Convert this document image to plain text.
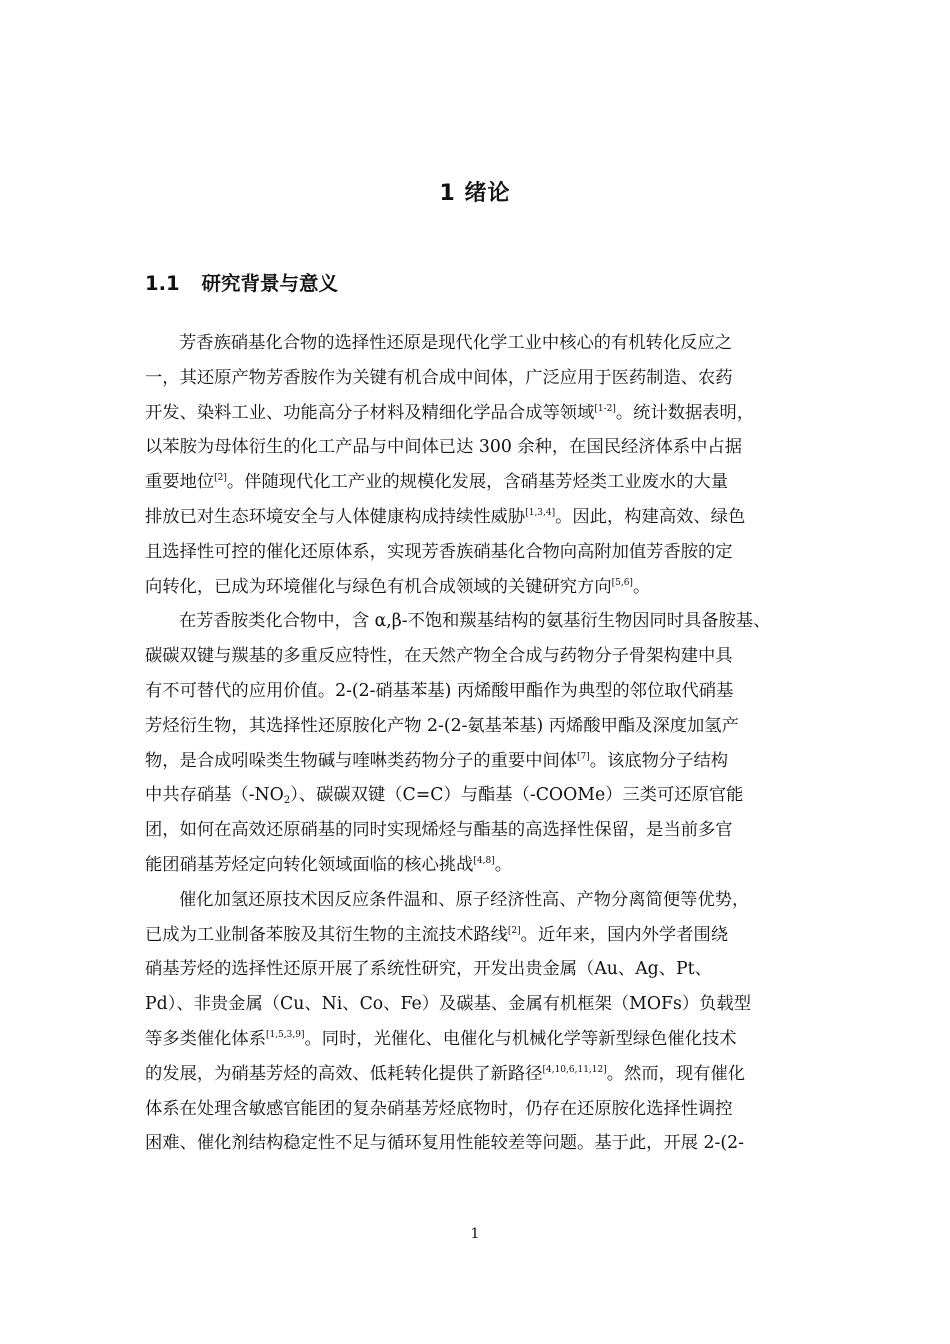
1 绪论
1.1 研究背景与意义
芳香族硝基化合物的选择性还原是现代化学工业中核心的有机转化反应之
一，其还原产物芳香胺作为关键有机合成中间体，广泛应用于医药制造、农药
开发、染料工业、功能高分子材料及精细化学品合成等领域[1-2]。统计数据表明，
以苯胺为母体衍生的化工产品与中间体已达 300 余种，在国民经济体系中占据
重要地位[2]。伴随现代化工产业的规模化发展，含硝基芳烃类工业废水的大量
排放已对生态环境安全与人体健康构成持续性威胁[1,3,4]。因此，构建高效、绿色
且选择性可控的催化还原体系，实现芳香族硝基化合物向高附加值芳香胺的定
向转化，已成为环境催化与绿色有机合成领域的关键研究方向[5,6]。
在芳香胺类化合物中，含 α,β-不饱和羰基结构的氨基衍生物因同时具备胺基、
碳碳双键与羰基的多重反应特性，在天然产物全合成与药物分子骨架构建中具
有不可替代的应用价值。2-(2-硝基苯基) 丙烯酸甲酯作为典型的邻位取代硝基
芳烃衍生物，其选择性还原胺化产物 2-(2-氨基苯基) 丙烯酸甲酯及深度加氢产
物，是合成吲哚类生物碱与喹啉类药物分子的重要中间体[7]。该底物分子结构
中共存硝基$(-NO_2)$、碳碳双键（C=C）与酯基（-COOMe）三类可还原官能
团，如何在高效还原硝基的同时实现烯烃与酯基的高选择性保留，是当前多官
能团硝基芳烃定向转化领域面临的核心挑战[4,8]。
催化加氢还原技术因反应条件温和、原子经济性高、产物分离简便等优势，
已成为工业制备苯胺及其衍生物的主流技术路线[2]。近年来，国内外学者围绕
硝基芳烃的选择性还原开展了系统性研究，开发出贵金属（Au、Ag、Pt、
Pd）、非贵金属（Cu、Ni、Co、Fe）及碳基、金属有机框架（MOFs）负载型
等多类催化体系[1,5,3,9]。同时，光催化、电催化与机械化学等新型绿色催化技术
的发展，为硝基芳烃的高效、低耗转化提供了新路径[4,10,6,11,12]。然而，现有催化
体系在处理含敏感官能团的复杂硝基芳烃底物时，仍存在还原胺化选择性调控
困难、催化剂结构稳定性不足与循环复用性能较差等问题。基于此，开展 2-(2-
1
